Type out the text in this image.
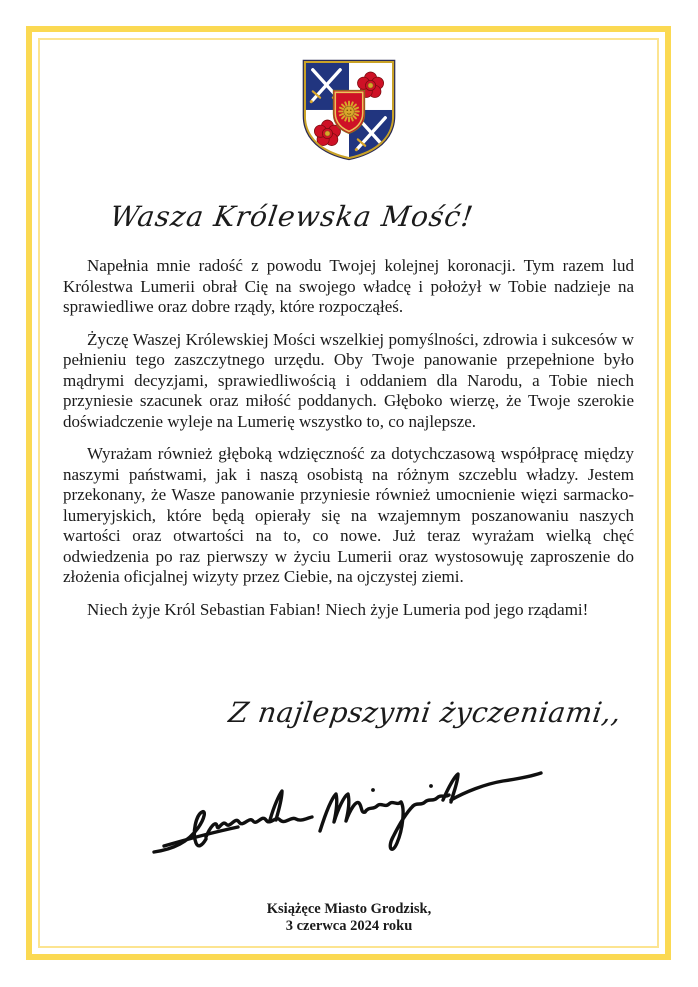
Wasza Królewska Mość!

Napełnia mnie radość z powodu Twojej kolejnej koronacji. Tym razem lud Królestwa Lumerii obrał Cię na swojego władcę i położył w Tobie nadzieje na sprawiedliwe oraz dobre rządy, które rozpocząłeś.

Życzę Waszej Królewskiej Mości wszelkiej pomyślności, zdrowia i sukcesów w pełnieniu tego zaszczytnego urzędu. Oby Twoje panowanie przepełnione było mądrymi decyzjami, sprawiedliwością i oddaniem dla Narodu, a Tobie niech przyniesie szacunek oraz miłość poddanych. Głęboko wierzę, że Twoje szerokie doświadczenie wyleje na Lumerię wszystko to, co najlepsze.

Wyrażam również głęboką wdzięczność za dotychczasową współpracę między naszymi państwami, jak i naszą osobistą na różnym szczeblu władzy. Jestem przekonany, że Wasze panowanie przyniesie również umocnienie więzi sarmacko-lumeryjskich, które będą opierały się na wzajemnym poszanowaniu naszych wartości oraz otwartości na to, co nowe. Już teraz wyrażam wielką chęć odwiedzenia po raz pierwszy w życiu Lumerii oraz wystosowuję zaproszenie do złożenia oficjalnej wizyty przez Ciebie, na ojczystej ziemi.

Niech żyje Król Sebastian Fabian! Niech żyje Lumeria pod jego rządami!

Z najlepszymi życzeniami,,
Książęce Miasto Grodzisk,
3 czerwca 2024 roku
